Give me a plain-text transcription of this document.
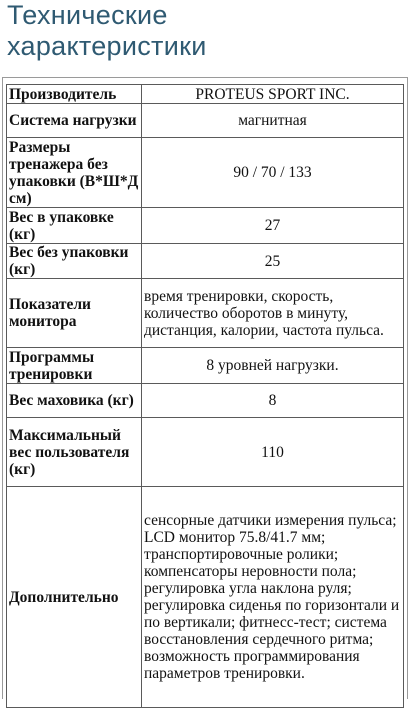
Технические
характеристики
Производитель	PROTEUS SPORT INC.
Система нагрузки	магнитная
Размеры тренажера без упаковки (В*Ш*Д см)	90 / 70 / 133
Вес в упаковке (кг)	27
Вес без упаковки (кг)	25
Показатели монитора	время тренировки, скорость, количество оборотов в минуту, дистанция, калории, частота пульса.
Программы тренировки	8 уровней нагрузки.
Вес маховика (кг)	8
Максимальный вес пользователя (кг)	110
Дополнительно	сенсорные датчики измерения пульса; LCD монитор 75.8/41.7 мм; транспортировочные ролики; компенсаторы неровности пола; регулировка угла наклона руля; регулировка сиденья по горизонтали и по вертикали; фитнесс-тест; система восстановления сердечного ритма; возможность программирования параметров тренировки.
